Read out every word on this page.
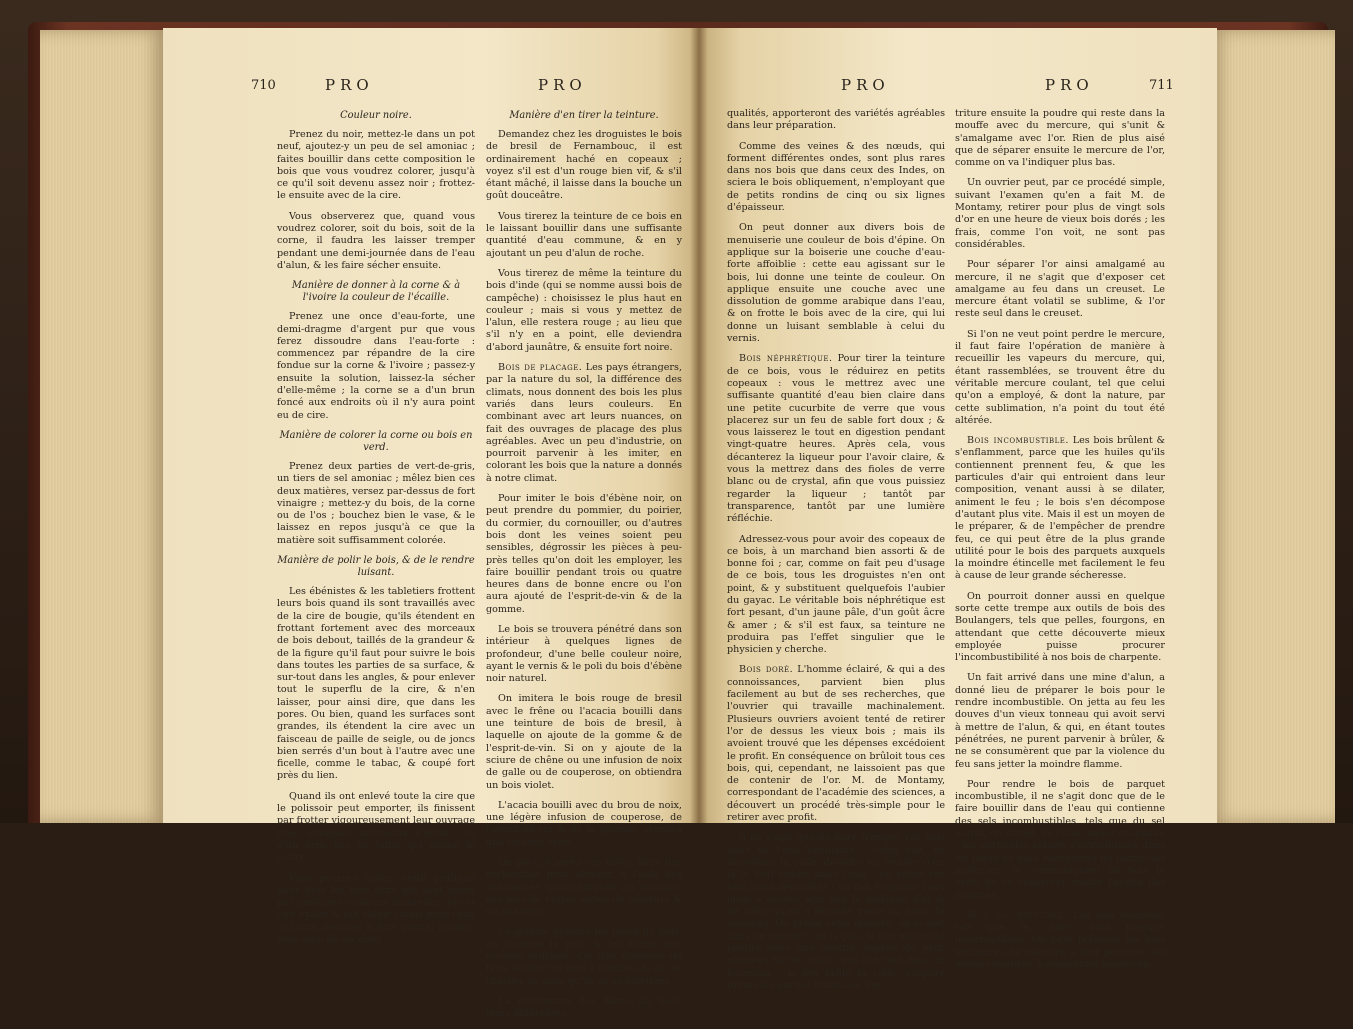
710	PRO	PRO
Couleur noire.

Prenez du noir, mettez-le dans un pot neuf, ajoutez-y un peu de sel amoniac ; faites bouillir dans cette composition le bois que vous voudrez colorer, jusqu'à ce qu'il soit devenu assez noir ; frottez-le ensuite avec de la cire.

Vous observerez que, quand vous voudrez colorer, soit du bois, soit de la corne, il faudra les laisser tremper pendant une demi-journée dans de l'eau d'alun, & les faire sécher ensuite.

Manière de donner à la corne & à l'ivoire la couleur de l'écaille.

Prenez une once d'eau-forte, une demi-dragme d'argent pur que vous ferez dissoudre dans l'eau-forte : commencez par répandre de la cire fondue sur la corne & l'ivoire ; passez-y ensuite la solution, laissez-la sécher d'elle-même ; la corne se a d'un brun foncé aux endroits où il n'y aura point eu de cire.

Manière de colorer la corne ou bois en verd.

Prenez deux parties de vert-de-gris, un tiers de sel amoniac ; mêlez bien ces deux matières, versez par-dessus de fort vinaigre ; mettez-y du bois, de la corne ou de l'os ; bouchez bien le vase, & le laissez en repos jusqu'à ce que la matière soit suffisamment colorée.

Manière de polir le bois, & de le rendre luisant.

Les ébénistes & les tabletiers frottent leurs bois quand ils sont travaillés avec de la cire de bougie, qu'ils étendent en frottant fortement avec des morceaux de bois debout, taillés de la grandeur & de la figure qu'il faut pour suivre le bois dans toutes les parties de sa surface, & sur-tout dans les angles, & pour enlever tout le superflu de la cire, & n'en laisser, pour ainsi dire, que dans les pores. Ou bien, quand les surfaces sont grandes, ils étendent la cire avec un faisceau de paille de seigle, ou de joncs bien serrés d'un bout à l'autre avec une ficelle, comme le tabac, & coupé fort près du lien.

Quand ils ont enlevé toute la cire que le polissoir peut emporter, ils finissent par frotter vigoureusement leur ouvrage avec quelques morceaux d'étoffe, ou d'un gros bas de laine qui donne le lustre.

Vous pourrez suivre cette pratique pour tous les bois durs qui sont parés par quelques couleurs naturelles que la cire exalte & fait valoir ; mais pour ceux qui sont destinés à être peints, gardez-vous bien de les cirer.

Manière d'en tirer la teinture.

Demandez chez les droguistes le bois de bresil de Fernambouc, il est ordinairement haché en copeaux ; voyez s'il est d'un rouge bien vif, & s'il étant mâché, il laisse dans la bouche un goût douceâtre.

Vous tirerez la teinture de ce bois en le laissant bouillir dans une suffisante quantité d'eau commune, & en y ajoutant un peu d'alun de roche.

Vous tirerez de même la teinture du bois d'inde (qui se nomme aussi bois de campêche) : choisissez le plus haut en couleur ; mais si vous y mettez de l'alun, elle restera rouge ; au lieu que s'il n'y en a point, elle deviendra d'abord jaunâtre, & ensuite fort noire.

Bois de placage. Les pays étrangers, par la nature du sol, la différence des climats, nous donnent des bois les plus variés dans leurs couleurs. En combinant avec art leurs nuances, on fait des ouvrages de placage des plus agréables. Avec un peu d'industrie, on pourroit parvenir à les imiter, en colorant les bois que la nature a donnés à notre climat.

Pour imiter le bois d'ébène noir, on peut prendre du pommier, du poirier, du cormier, du cornouiller, ou d'autres bois dont les veines soient peu sensibles, dégrossir les pièces à peu-près telles qu'on doit les employer, les faire bouillir pendant trois ou quatre heures dans de bonne encre ou l'on aura ajouté de l'esprit-de-vin & de la gomme.

Le bois se trouvera pénétré dans son intérieur à quelques lignes de profondeur, d'une belle couleur noire, ayant le vernis & le poli du bois d'ébène noir naturel.

On imitera le bois rouge de bresil avec le frêne ou l'acacia bouilli dans une teinture de bois de bresil, à laquelle on ajoute de la gomme & de l'esprit-de-vin. Si on y ajoute de la sciure de chêne ou une infusion de noix de galle ou de couperose, on obtiendra un bois violet.

L'acacia bouilli avec du brou de noix, une légère infusion de couperose, de l'esprit-de-vin & de la gomme, prendra une couleur verte.

On peut, d'après ces idées, faire des recherches pour obtenir, à l'aide des substances qu'on emploie en teinture, des bois de toutes sortes de couleurs & de nuances.

La gomme pénètre les pores du bois, en favorise le poli, & lui donne une couleur brillante. On doit observer de faire sécher ces bois à l'ombre, & de les charger de peur qu'ils ne se déjettent.

La contexture des fibres du bois, leurs différentes

PRO	PRO	711

qualités, apporteront des variétés agréables dans leur préparation.

Comme des veines & des nœuds, qui forment différentes ondes, sont plus rares dans nos bois que dans ceux des Indes, on sciera le bois obliquement, n'employant que de petits rondins de cinq ou six lignes d'épaisseur.

On peut donner aux divers bois de menuiserie une couleur de bois d'épine. On applique sur la boiserie une couche d'eau-forte affoiblie : cette eau agissant sur le bois, lui donne une teinte de couleur. On applique ensuite une couche avec une dissolution de gomme arabique dans l'eau, & on frotte le bois avec de la cire, qui lui donne un luisant semblable à celui du vernis.

Bois néphrétique. Pour tirer la teinture de ce bois, vous le réduirez en petits copeaux : vous le mettrez avec une suffisante quantité d'eau bien claire dans une petite cucurbite de verre que vous placerez sur un feu de sable fort doux ; & vous laisserez le tout en digestion pendant vingt-quatre heures. Après cela, vous décanterez la liqueur pour l'avoir claire, & vous la mettrez dans des fioles de verre blanc ou de crystal, afin que vous puissiez regarder la liqueur ; tantôt par transparence, tantôt par une lumière réfléchie.

Adressez-vous pour avoir des copeaux de ce bois, à un marchand bien assorti & de bonne foi ; car, comme on fait peu d'usage de ce bois, tous les droguistes n'en ont point, & y substituent quelquefois l'aubier du gayac. Le véritable bois néphrétique est fort pesant, d'un jaune pâle, d'un goût âcre & amer ; & s'il est faux, sa teinture ne produira pas l'effet singulier que le physicien y cherche.

Bois doré. L'homme éclairé, & qui a des connoissances, parvient bien plus facilement au but de ses recherches, que l'ouvrier qui travaille machinalement. Plusieurs ouvriers avoient tenté de retirer l'or de dessus les vieux bois ; mais ils avoient trouvé que les dépenses excédoient le profit. En conséquence on brûloit tous ces bois, qui, cependant, ne laissoient pas que de contenir de l'or. M. de Montamy, correspondant de l'académie des sciences, a découvert un procédé très-simple pour le retirer avec profit.

Il ne s'agit que de faire tremper ces bois dans de l'eau bouillante : cette eau, en dissolvant la colle, détache les feuilles d'or, & le tout tombe dans l'eau : on retire ces bois ainsi dépouillés : on fait évaporer l'eau jusqu'à siccité, afin que le mélange d'or & de colle qu'on a détaché reste au fond du vaisseau. On prend cette matière, on la met dans un mortier ; on la pile, & l'on met cette poudre sous une mouffe, espèce de petit vaisseau fait en voûte, que l'on met dans un fourneau : le feu brûle la colle, évapore toutes les parties huileuses. On

triture ensuite la poudre qui reste dans la mouffe avec du mercure, qui s'unit & s'amalgame avec l'or. Rien de plus aisé que de séparer ensuite le mercure de l'or, comme on va l'indiquer plus bas.

Un ouvrier peut, par ce procédé simple, suivant l'examen qu'en a fait M. de Montamy, retirer pour plus de vingt sols d'or en une heure de vieux bois dorés ; les frais, comme l'on voit, ne sont pas considérables.

Pour séparer l'or ainsi amalgamé au mercure, il ne s'agit que d'exposer cet amalgame au feu dans un creuset. Le mercure étant volatil se sublime, & l'or reste seul dans le creuset.

Si l'on ne veut point perdre le mercure, il faut faire l'opération de manière à recueillir les vapeurs du mercure, qui, étant rassemblées, se trouvent être du véritable mercure coulant, tel que celui qu'on a employé, & dont la nature, par cette sublimation, n'a point du tout été altérée.

Bois incombustible. Les bois brûlent & s'enflamment, parce que les huiles qu'ils contiennent prennent feu, & que les particules d'air qui entroient dans leur composition, venant aussi à se dilater, animent le feu ; le bois s'en décompose d'autant plus vite. Mais il est un moyen de le préparer, & de l'empêcher de prendre feu, ce qui peut être de la plus grande utilité pour le bois des parquets auxquels la moindre étincelle met facilement le feu à cause de leur grande sécheresse.

On pourroit donner aussi en quelque sorte cette trempe aux outils de bois des Boulangers, tels que pelles, fourgons, en attendant que cette découverte mieux employée puisse procurer l'incombustibilité à nos bois de charpente.

Un fait arrivé dans une mine d'alun, a donné lieu de préparer le bois pour le rendre incombustible. On jetta au feu les douves d'un vieux tonneau qui avoit servi à mettre de l'alun, & qui, en étant toutes pénétrées, ne purent parvenir à brûler, & ne se consumèrent que par la violence du feu sans jetter la moindre flamme.

Pour rendre le bois de parquet incombustible, il ne s'agit donc que de le faire bouillir dans de l'eau qui contienne des sels incombustibles, tels que du sel marin, du vitriol, de l'alun mêlés ensemble : les particules salines s'introduisant dans les pores du bois, recouvrent les particules huileuses, & communiquent au bois la vertu de se conserver contre l'action des flammes.

Bois incorruptible. Les bois résineux, tels que le cèdre, sont presque incorruptibles. On peut préparer les bois ordinaires de manière à leur procurer les mêmes qualités, à augmenter beaucoup
